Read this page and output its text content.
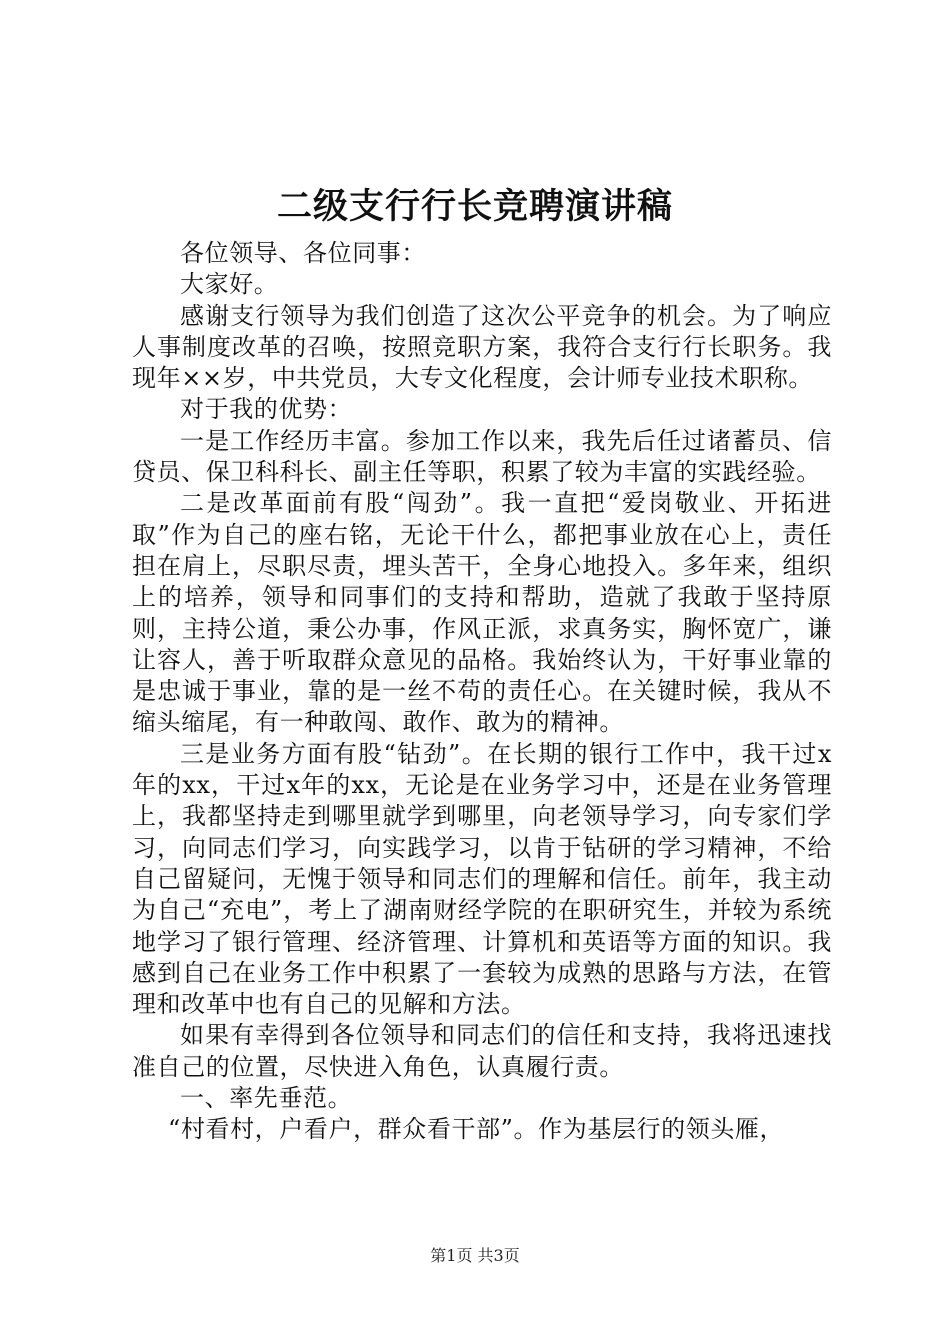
二级支行行长竞聘演讲稿

各位领导、各位同事：

大家好。

感谢支行领导为我们创造了这次公平竞争的机会。为了响应人事制度改革的召唤，按照竞职方案，我符合支行行长职务。我现年××岁，中共党员，大专文化程度，会计师专业技术职称。

对于我的优势：

一是工作经历丰富。参加工作以来，我先后任过诸蓄员、信贷员、保卫科科长、副主任等职，积累了较为丰富的实践经验。

二是改革面前有股“闯劲”。我一直把“爱岗敬业、开拓进取”作为自己的座右铭，无论干什么，都把事业放在心上，责任担在肩上，尽职尽责，埋头苦干，全身心地投入。多年来，组织上的培养，领导和同事们的支持和帮助，造就了我敢于坚持原则，主持公道，秉公办事，作风正派，求真务实，胸怀宽广，谦让容人，善于听取群众意见的品格。我始终认为，干好事业靠的是忠诚于事业，靠的是一丝不苟的责任心。在关键时候，我从不缩头缩尾，有一种敢闯、敢作、敢为的精神。

三是业务方面有股“钻劲”。在长期的银行工作中，我干过x年的xx，干过x年的xx，无论是在业务学习中，还是在业务管理上，我都坚持走到哪里就学到哪里，向老领导学习，向专家们学习，向同志们学习，向实践学习，以肯于钻研的学习精神，不给自己留疑问，无愧于领导和同志们的理解和信任。前年，我主动为自己“充电”，考上了湖南财经学院的在职研究生，并较为系统地学习了银行管理、经济管理、计算机和英语等方面的知识。我感到自己在业务工作中积累了一套较为成熟的思路与方法，在管理和改革中也有自己的见解和方法。

如果有幸得到各位领导和同志们的信任和支持，我将迅速找准自己的位置，尽快进入角色，认真履行责。

一、率先垂范。

“村看村，户看户，群众看干部”。作为基层行的领头雁，

第1页 共3页
